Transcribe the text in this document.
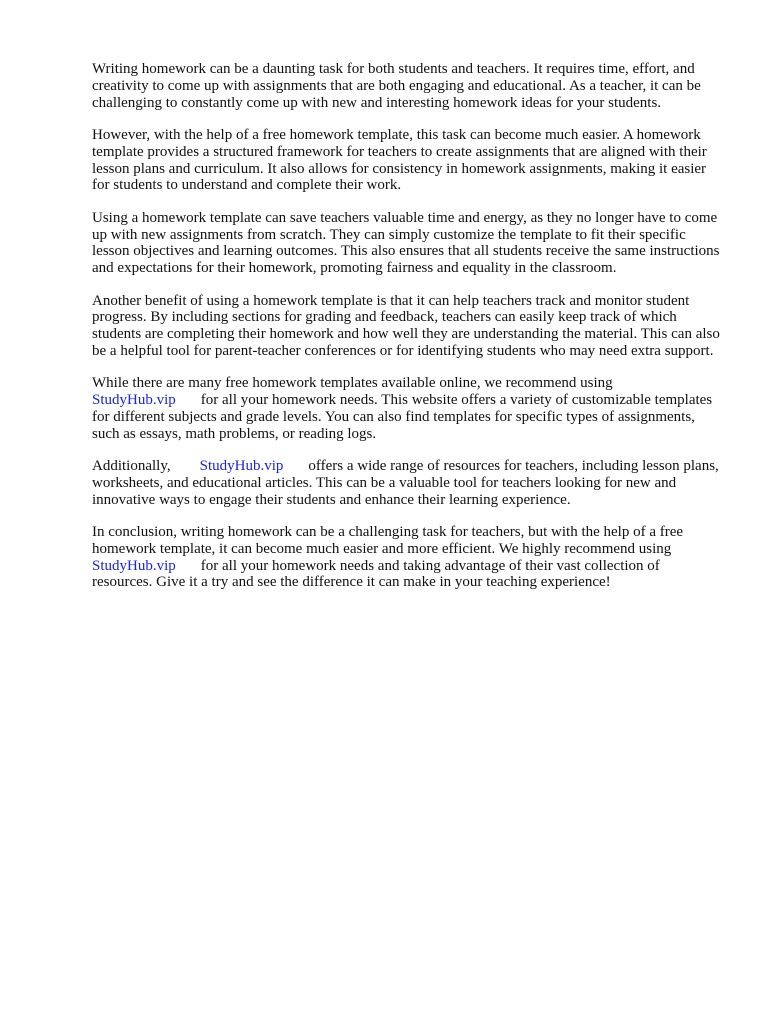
Writing homework can be a daunting task for both students and teachers. It requires time, effort, and creativity to come up with assignments that are both engaging and educational. As a teacher, it can be challenging to constantly come up with new and interesting homework ideas for your students.

However, with the help of a free homework template, this task can become much easier. A homework template provides a structured framework for teachers to create assignments that are aligned with their lesson plans and curriculum. It also allows for consistency in homework assignments, making it easier for students to understand and complete their work.

Using a homework template can save teachers valuable time and energy, as they no longer have to come up with new assignments from scratch. They can simply customize the template to fit their specific lesson objectives and learning outcomes. This also ensures that all students receive the same instructions and expectations for their homework, promoting fairness and equality in the classroom.

Another benefit of using a homework template is that it can help teachers track and monitor student progress. By including sections for grading and feedback, teachers can easily keep track of which students are completing their homework and how well they are understanding the material. This can also be a helpful tool for parent-teacher conferences or for identifying students who may need extra support.

While there are many free homework templates available online, we recommend using
StudyHub.vip for all your homework needs. This website offers a variety of customizable templates for different subjects and grade levels. You can also find templates for specific types of assignments, such as essays, math problems, or reading logs.

Additionally, StudyHub.vip offers a wide range of resources for teachers, including lesson plans, worksheets, and educational articles. This can be a valuable tool for teachers looking for new and innovative ways to engage their students and enhance their learning experience.

In conclusion, writing homework can be a challenging task for teachers, but with the help of a free homework template, it can become much easier and more efficient. We highly recommend using StudyHub.vip for all your homework needs and taking advantage of their vast collection of resources. Give it a try and see the difference it can make in your teaching experience!
